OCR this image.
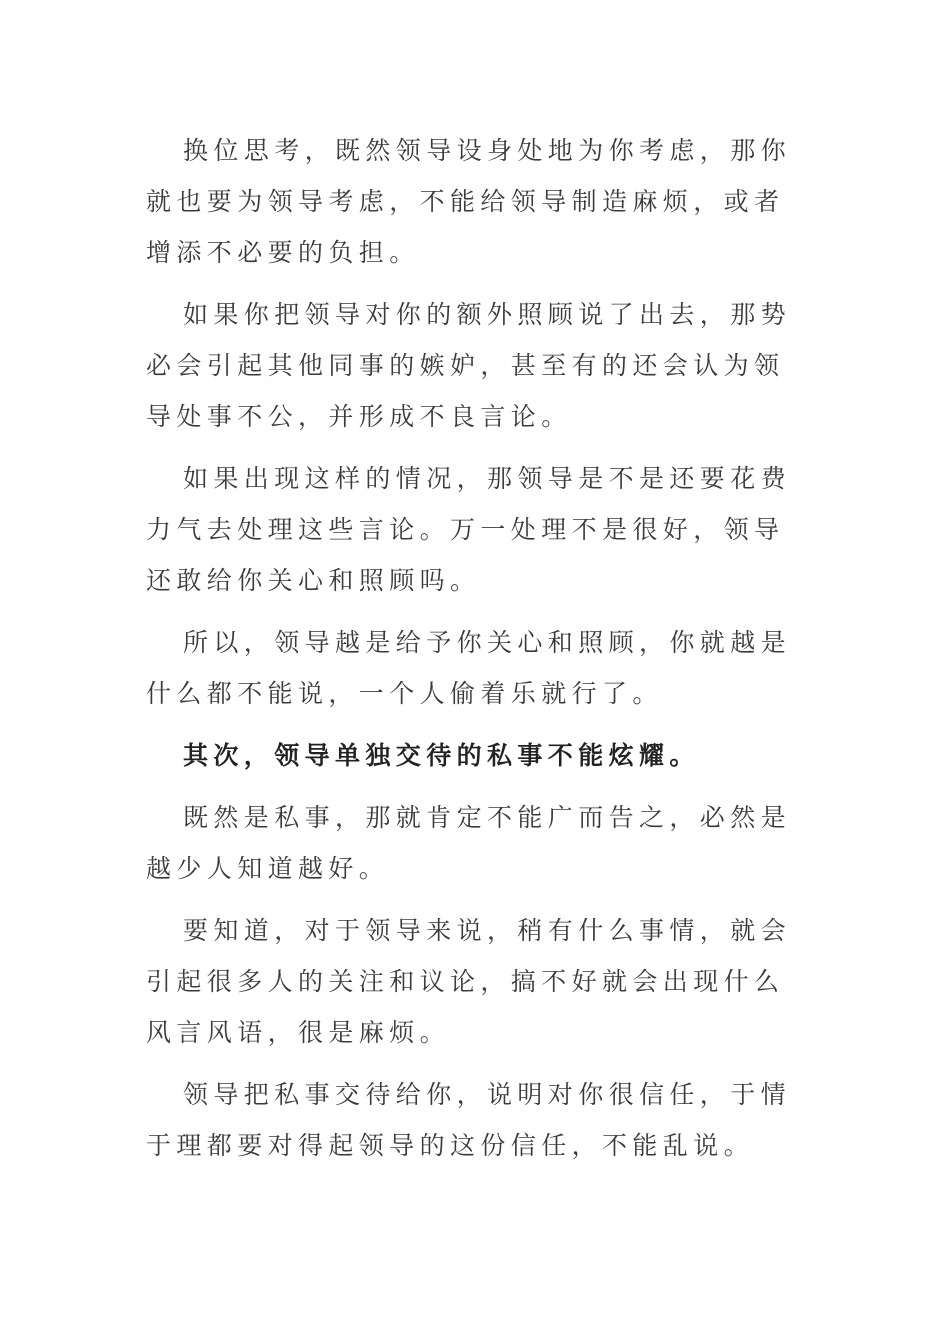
换位思考，既然领导设身处地为你考虑，那你就也要为领导考虑，不能给领导制造麻烦，或者增添不必要的负担。

如果你把领导对你的额外照顾说了出去，那势必会引起其他同事的嫉妒，甚至有的还会认为领导处事不公，并形成不良言论。

如果出现这样的情况，那领导是不是还要花费力气去处理这些言论。万一处理不是很好，领导还敢给你关心和照顾吗。

所以，领导越是给予你关心和照顾，你就越是什么都不能说，一个人偷着乐就行了。

其次，领导单独交待的私事不能炫耀。

既然是私事，那就肯定不能广而告之，必然是越少人知道越好。

要知道，对于领导来说，稍有什么事情，就会引起很多人的关注和议论，搞不好就会出现什么风言风语，很是麻烦。

领导把私事交待给你，说明对你很信任，于情于理都要对得起领导的这份信任，不能乱说。
